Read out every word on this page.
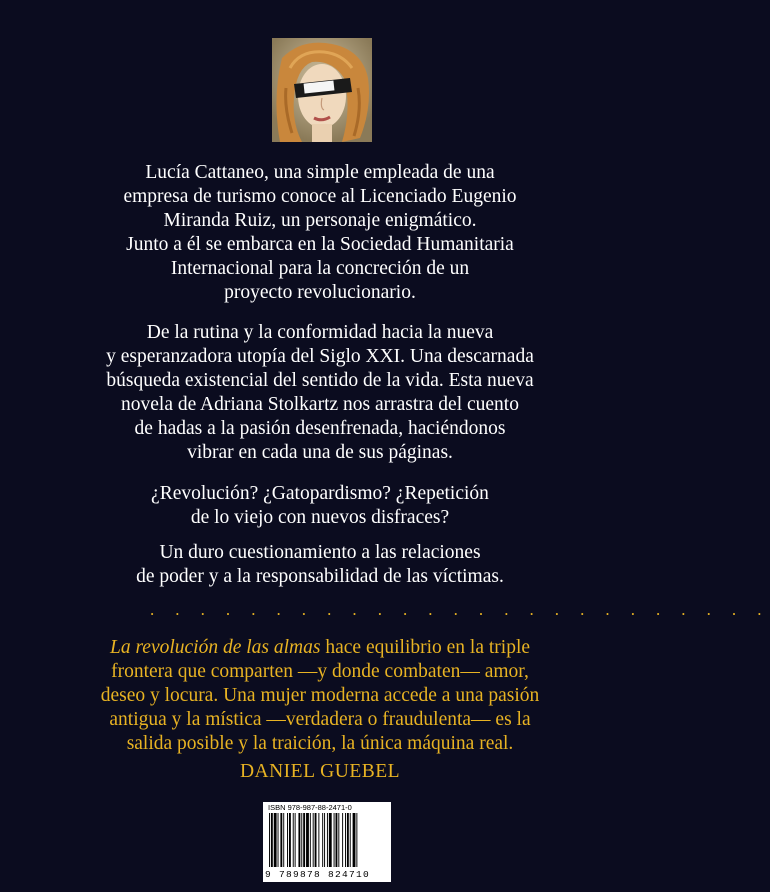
Lucía Cattaneo, una simple empleada de una
empresa de turismo conoce al Licenciado Eugenio
Miranda Ruiz, un personaje enigmático.
Junto a él se embarca en la Sociedad Humanitaria
Internacional para la concreción de un
proyecto revolucionario.

De la rutina y la conformidad hacia la nueva
y esperanzadora utopía del Siglo XXI. Una descarnada
búsqueda existencial del sentido de la vida. Esta nueva
novela de Adriana Stolkartz nos arrastra del cuento
de hadas a la pasión desenfrenada, haciéndonos
vibrar en cada una de sus páginas.

¿Revolución? ¿Gatopardismo? ¿Repetición
de lo viejo con nuevos disfraces?

Un duro cuestionamiento a las relaciones
de poder y a la responsabilidad de las víctimas.

. . . . . . . . . . . . . . . . . . . . . . . . .

La revolución de las almas hace equilibrio en la triple
frontera que comparten —y donde combaten— amor,
deseo y locura. Una mujer moderna accede a una pasión
antigua y la mística —verdadera o fraudulenta— es la
salida posible y la traición, la única máquina real.

DANIEL GUEBEL

ISBN 978-987-88-2471-0
9 789878 824710
